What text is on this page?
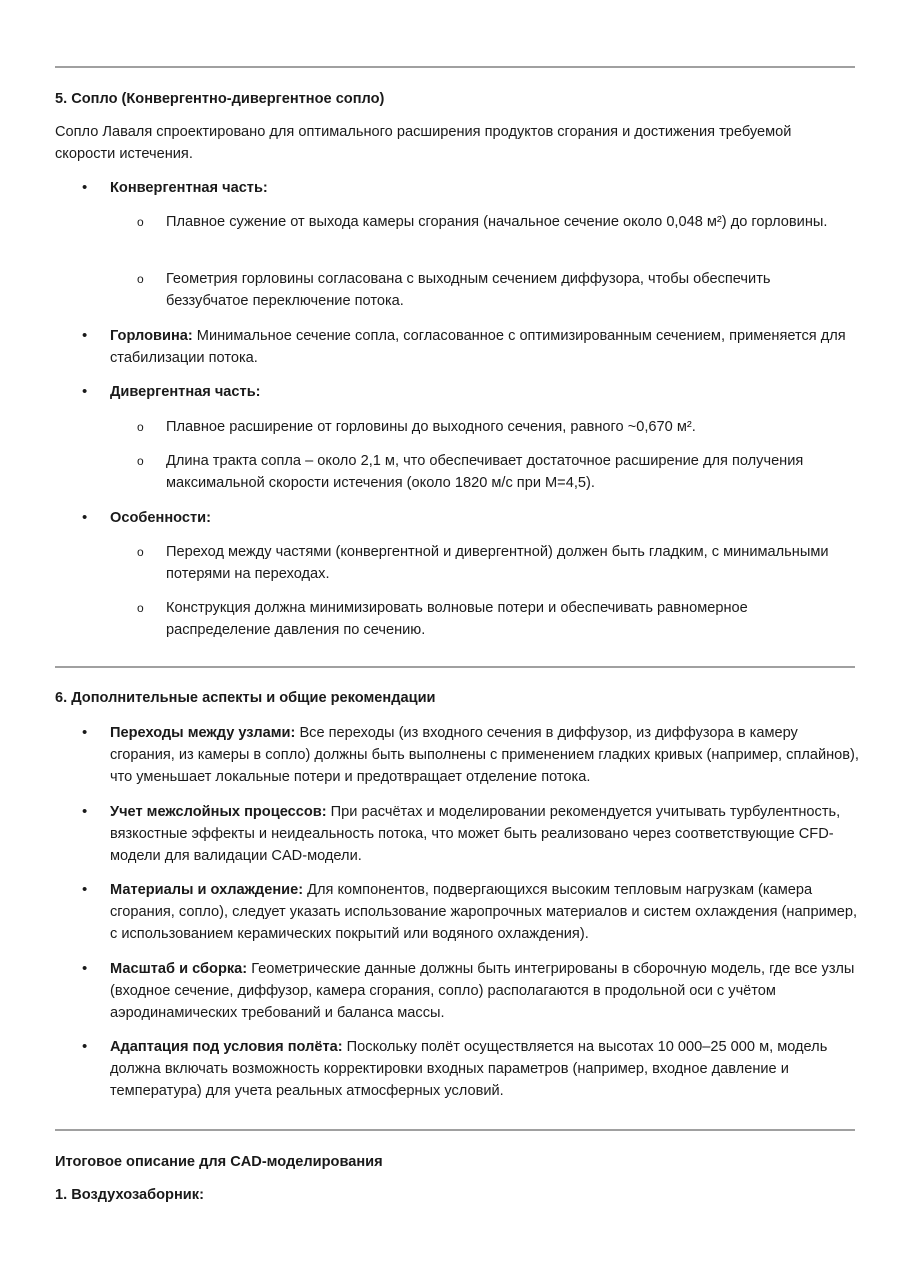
5. Сопло (Конвергентно-дивергентное сопло)
Сопло Лаваля спроектировано для оптимального расширения продуктов сгорания и достижения требуемой скорости истечения.
• Конвергентная часть:
o Плавное сужение от выхода камеры сгорания (начальное сечение около 0,048 м²) до горловины.
o Геометрия горловины согласована с выходным сечением диффузора, чтобы обеспечить беззубчатое переключение потока.
• Горловина: Минимальное сечение сопла, согласованное с оптимизированным сечением, применяется для стабилизации потока.
• Дивергентная часть:
o Плавное расширение от горловины до выходного сечения, равного ~0,670 м².
o Длина тракта сопла – около 2,1 м, что обеспечивает достаточное расширение для получения максимальной скорости истечения (около 1820 м/с при M=4,5).
• Особенности:
o Переход между частями (конвергентной и дивергентной) должен быть гладким, с минимальными потерями на переходах.
o Конструкция должна минимизировать волновые потери и обеспечивать равномерное распределение давления по сечению.
6. Дополнительные аспекты и общие рекомендации
• Переходы между узлами: Все переходы (из входного сечения в диффузор, из диффузора в камеру сгорания, из камеры в сопло) должны быть выполнены с применением гладких кривых (например, сплайнов), что уменьшает локальные потери и предотвращает отделение потока.
• Учет межслойных процессов: При расчётах и моделировании рекомендуется учитывать турбулентность, вязкостные эффекты и неидеальность потока, что может быть реализовано через соответствующие CFD-модели для валидации CAD-модели.
• Материалы и охлаждение: Для компонентов, подвергающихся высоким тепловым нагрузкам (камера сгорания, сопло), следует указать использование жаропрочных материалов и систем охлаждения (например, с использованием керамических покрытий или водяного охлаждения).
• Масштаб и сборка: Геометрические данные должны быть интегрированы в сборочную модель, где все узлы (входное сечение, диффузор, камера сгорания, сопло) располагаются в продольной оси с учётом аэродинамических требований и баланса массы.
• Адаптация под условия полёта: Поскольку полёт осуществляется на высотах 10 000–25 000 м, модель должна включать возможность корректировки входных параметров (например, входное давление и температура) для учета реальных атмосферных условий.
Итоговое описание для CAD-моделирования
1. Воздухозаборник:
